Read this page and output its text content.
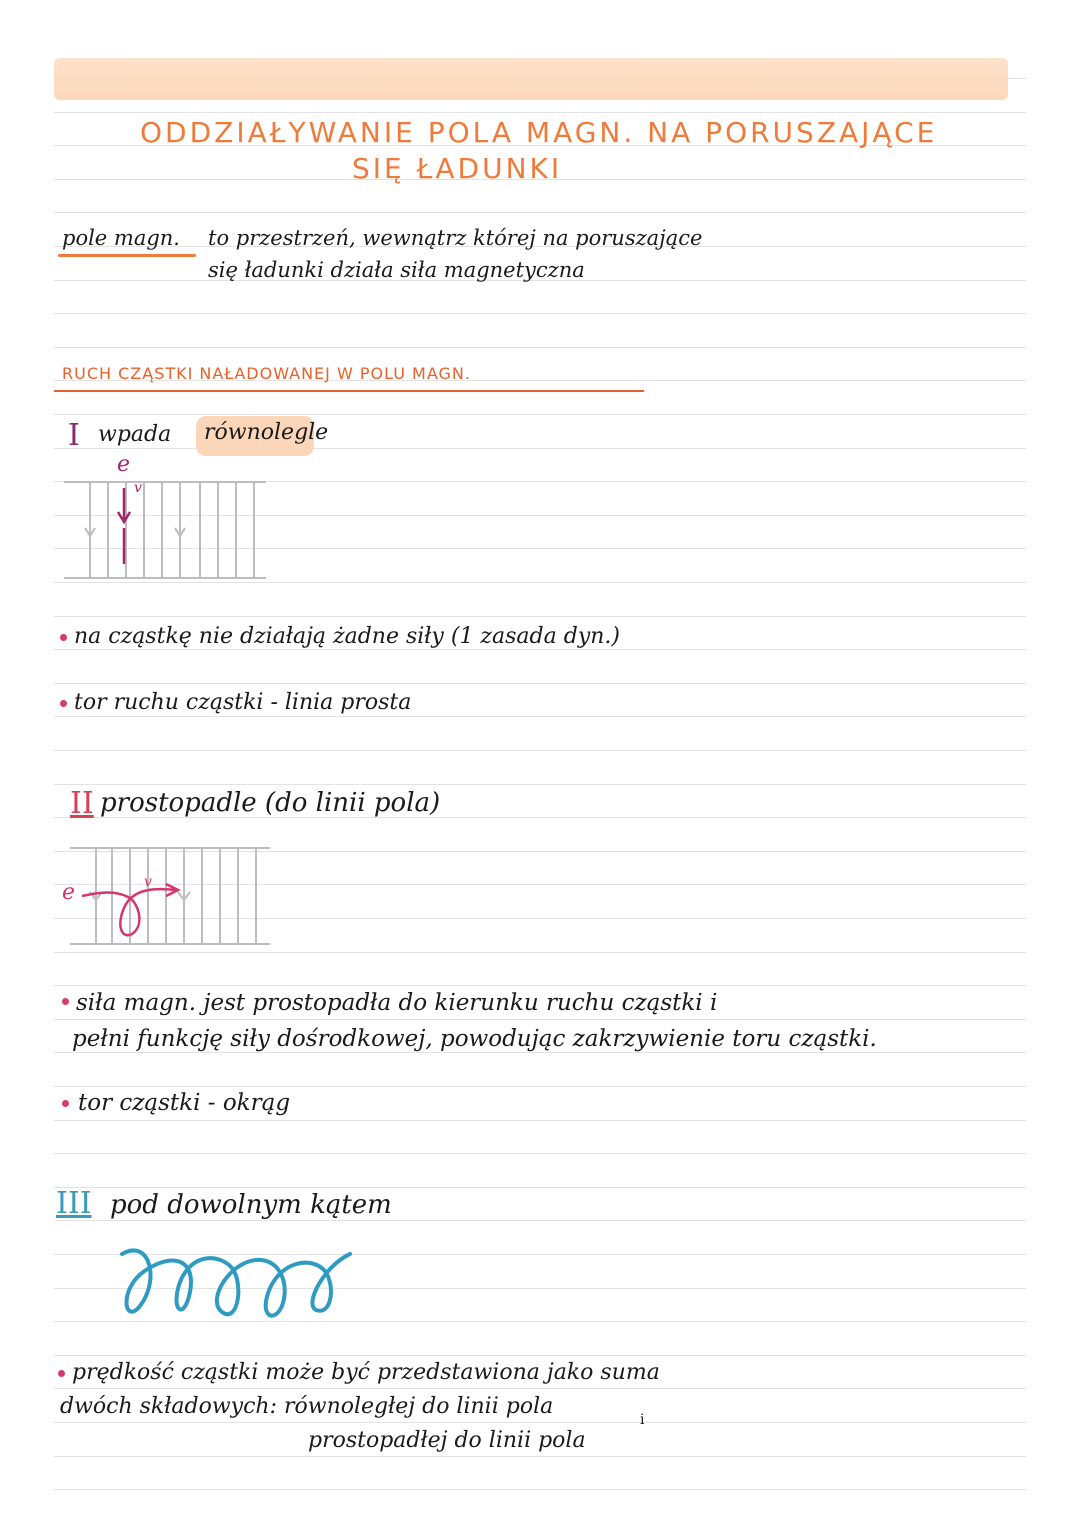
ODDZIAŁYWANIE POLA MAGN. NA PORUSZAJĄCE
SIĘ ŁADUNKI
pole magn. to przestrzeń, wewnątrz której na poruszające
się ładunki działa siła magnetyczna
RUCH CZĄSTKI NAŁADOWANEJ W POLU MAGN.
I wpada równolegle
e
v
na cząstkę nie działają żadne siły (1 zasada dyn.)
tor ruchu cząstki - linia prosta
II prostopadle (do linii pola)
e	v
siła magn. jest prostopadła do kierunku ruchu cząstki i
pełni funkcję siły dośrodkowej, powodując zakrzywienie toru cząstki.
tor cząstki - okrąg
III pod dowolnym kątem
prędkość cząstki może być przedstawiona jako suma
dwóch składowych: równoległej do linii pola
prostopadłej do linii pola
i
